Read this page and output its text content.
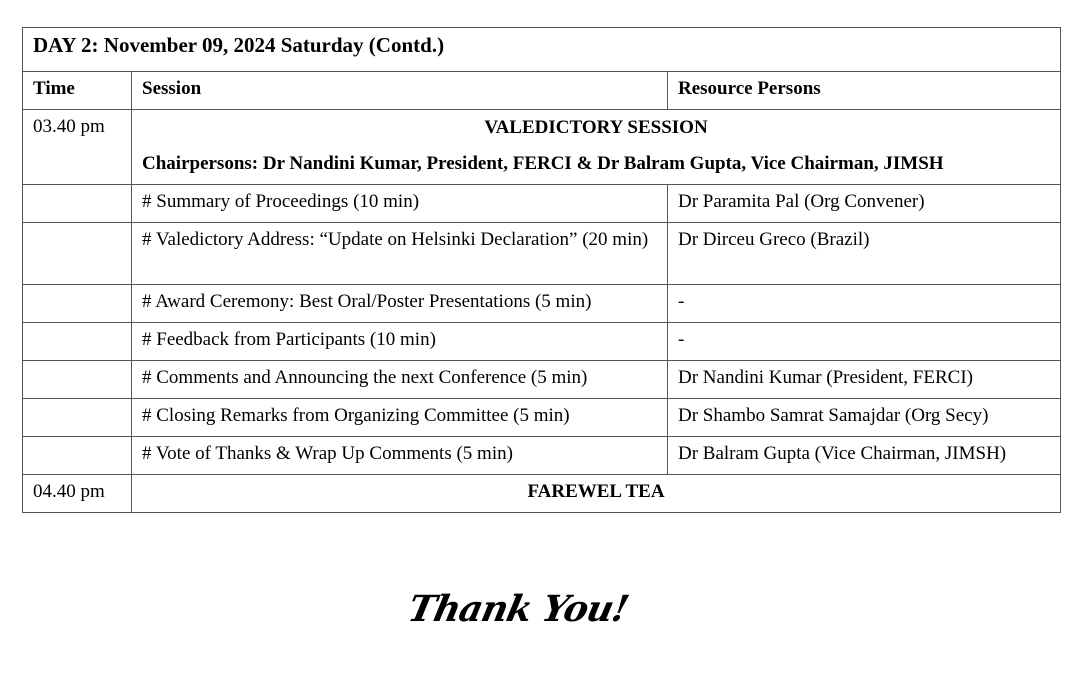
DAY 2: November 09, 2024 Saturday (Contd.)		
Time	Session	Resource Persons
03.40 pm	VALEDICTORY SESSION
Chairpersons: Dr Nandini Kumar, President, FERCI & Dr Balram Gupta, Vice Chairman, JIMSH	

	# Summary of Proceedings (10 min)	Dr Paramita Pal (Org Convener)
	# Valedictory Address: “Update on Helsinki Declaration” (20 min)	Dr Dirceu Greco (Brazil)
	# Award Ceremony: Best Oral/Poster Presentations (5 min)	-
	# Feedback from Participants (10 min)	-
	# Comments and Announcing the next Conference (5 min)	Dr Nandini Kumar (President, FERCI)
	# Closing Remarks from Organizing Committee (5 min)	Dr Shambo Samrat Samajdar (Org Secy)
	# Vote of Thanks & Wrap Up Comments (5 min)	Dr Balram Gupta (Vice Chairman, JIMSH)
04.40 pm	FAREWEL TEA	
Thank You!
